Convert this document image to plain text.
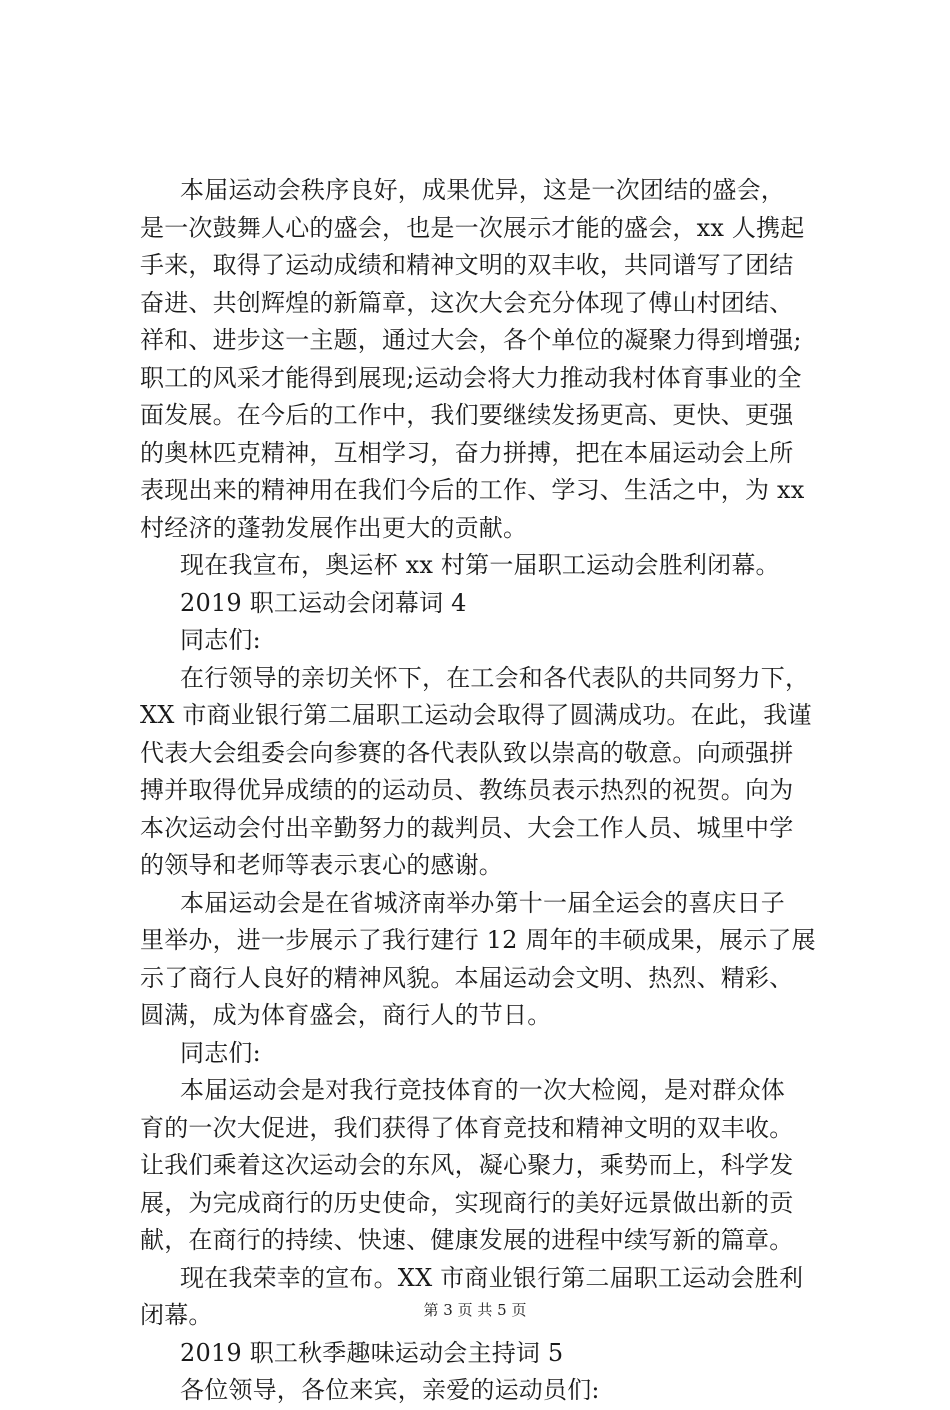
本届运动会秩序良好，成果优异，这是一次团结的盛会，
是一次鼓舞人心的盛会，也是一次展示才能的盛会，xx 人携起
手来，取得了运动成绩和精神文明的双丰收，共同谱写了团结
奋进、共创辉煌的新篇章，这次大会充分体现了傅山村团结、
祥和、进步这一主题，通过大会，各个单位的凝聚力得到增强;
职工的风采才能得到展现;运动会将大力推动我村体育事业的全
面发展。在今后的工作中，我们要继续发扬更高、更快、更强
的奥林匹克精神，互相学习，奋力拼搏，把在本届运动会上所
表现出来的精神用在我们今后的工作、学习、生活之中，为 xx
村经济的蓬勃发展作出更大的贡献。
现在我宣布，奥运杯 xx 村第一届职工运动会胜利闭幕。
2019 职工运动会闭幕词 4
同志们:
在行领导的亲切关怀下，在工会和各代表队的共同努力下，
XX 市商业银行第二届职工运动会取得了圆满成功。在此，我谨
代表大会组委会向参赛的各代表队致以崇高的敬意。向顽强拼
搏并取得优异成绩的的运动员、教练员表示热烈的祝贺。向为
本次运动会付出辛勤努力的裁判员、大会工作人员、城里中学
的领导和老师等表示衷心的感谢。
本届运动会是在省城济南举办第十一届全运会的喜庆日子
里举办，进一步展示了我行建行 12 周年的丰硕成果，展示了展
示了商行人良好的精神风貌。本届运动会文明、热烈、精彩、
圆满，成为体育盛会，商行人的节日。
同志们:
本届运动会是对我行竞技体育的一次大检阅，是对群众体
育的一次大促进，我们获得了体育竞技和精神文明的双丰收。
让我们乘着这次运动会的东风，凝心聚力，乘势而上，科学发
展，为完成商行的历史使命，实现商行的美好远景做出新的贡
献，在商行的持续、快速、健康发展的进程中续写新的篇章。
现在我荣幸的宣布。XX 市商业银行第二届职工运动会胜利
闭幕。
2019 职工秋季趣味运动会主持词 5
各位领导，各位来宾，亲爱的运动员们:
第 3 页 共 5 页
